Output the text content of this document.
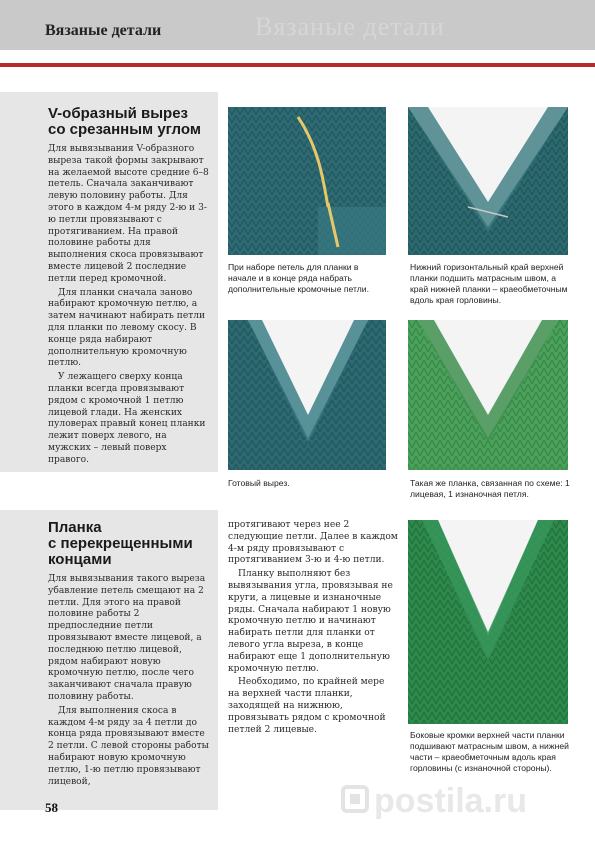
Вязаные детали
Вязаные детали
V-образный вырез
со срезанным углом

Для вывязывания V-образного выреза такой формы закрывают на желаемой высоте средние 6–8 петель. Сначала заканчивают левую половину работы. Для этого в каждом 4-м ряду 2-ю и 3-ю петли провязывают с протягиванием. На правой половине работы для выполнения скоса провязывают вместе лицевой 2 последние петли перед кромочной.

Для планки сначала заново набирают кромочную петлю, а затем начинают набирать петли для планки по левому скосу. В конце ряда набирают дополнительную кромочную петлю.

У лежащего сверху конца планки всегда провязывают рядом с кромочной 1 петлю лицевой глади. На женских пуловерах правый конец планки лежит поверх левого, на мужских – левый поверх правого.

Планка
с перекрещенными
концами

Для вывязывания такого выреза убавление петель смещают на 2 петли. Для этого на правой половине работы 2 предпоследние петли провязывают вместе лицевой, а последнюю петлю лицевой, рядом набирают новую кромочную петлю, после чего заканчивают сначала правую половину работы.

Для выполнения скоса в каждом 4-м ряду за 4 петли до конца ряда провязывают вместе 2 петли. С левой стороны работы набирают новую кромочную петлю, 1-ю петлю провязывают лицевой,

протягивают через нее 2 следующие петли. Далее в каждом 4-м ряду провязывают с протягиванием 3-ю и 4-ю петли.

Планку выполняют без вывязывания угла, провязывая не круги, а лицевые и изнаночные ряды. Сначала набирают 1 новую кромочную петлю и начинают набирать петли для планки от левого угла выреза, в конце набирают еще 1 дополнительную кромочную петлю.

Необходимо, по крайней мере на верхней части планки, заходящей на нижнюю, провязывать рядом с кромочной петлей 2 лицевые.

При наборе петель для планки в начале и в конце ряда набрать дополнительные кромочные петли.
Нижний горизонтальный край верхней планки подшить матрасным швом, а край нижней планки – краеобметочным вдоль края горловины.
Готовый вырез.	Такая же планка, связанная по схеме: 1 лицевая, 1 изнаночная петля.
Боковые кромки верхней части планки подшивают матрасным швом, а нижней части – краеобметочным вдоль края горловины (с изнаночной стороны).
58	postila.ru
